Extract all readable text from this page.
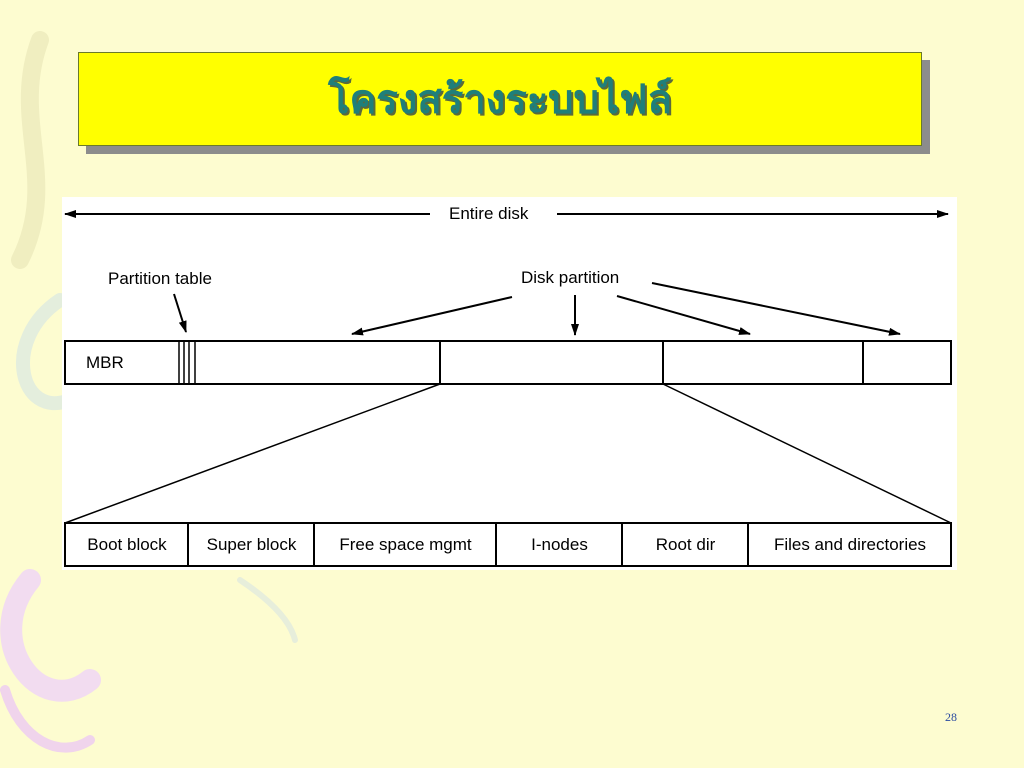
โครงสร้างระบบไฟล์
Entire disk
Partition table	Disk partition
MBR
Boot block	Super block	Free space mgmt	I-nodes	Root dir	Files and directories
28
